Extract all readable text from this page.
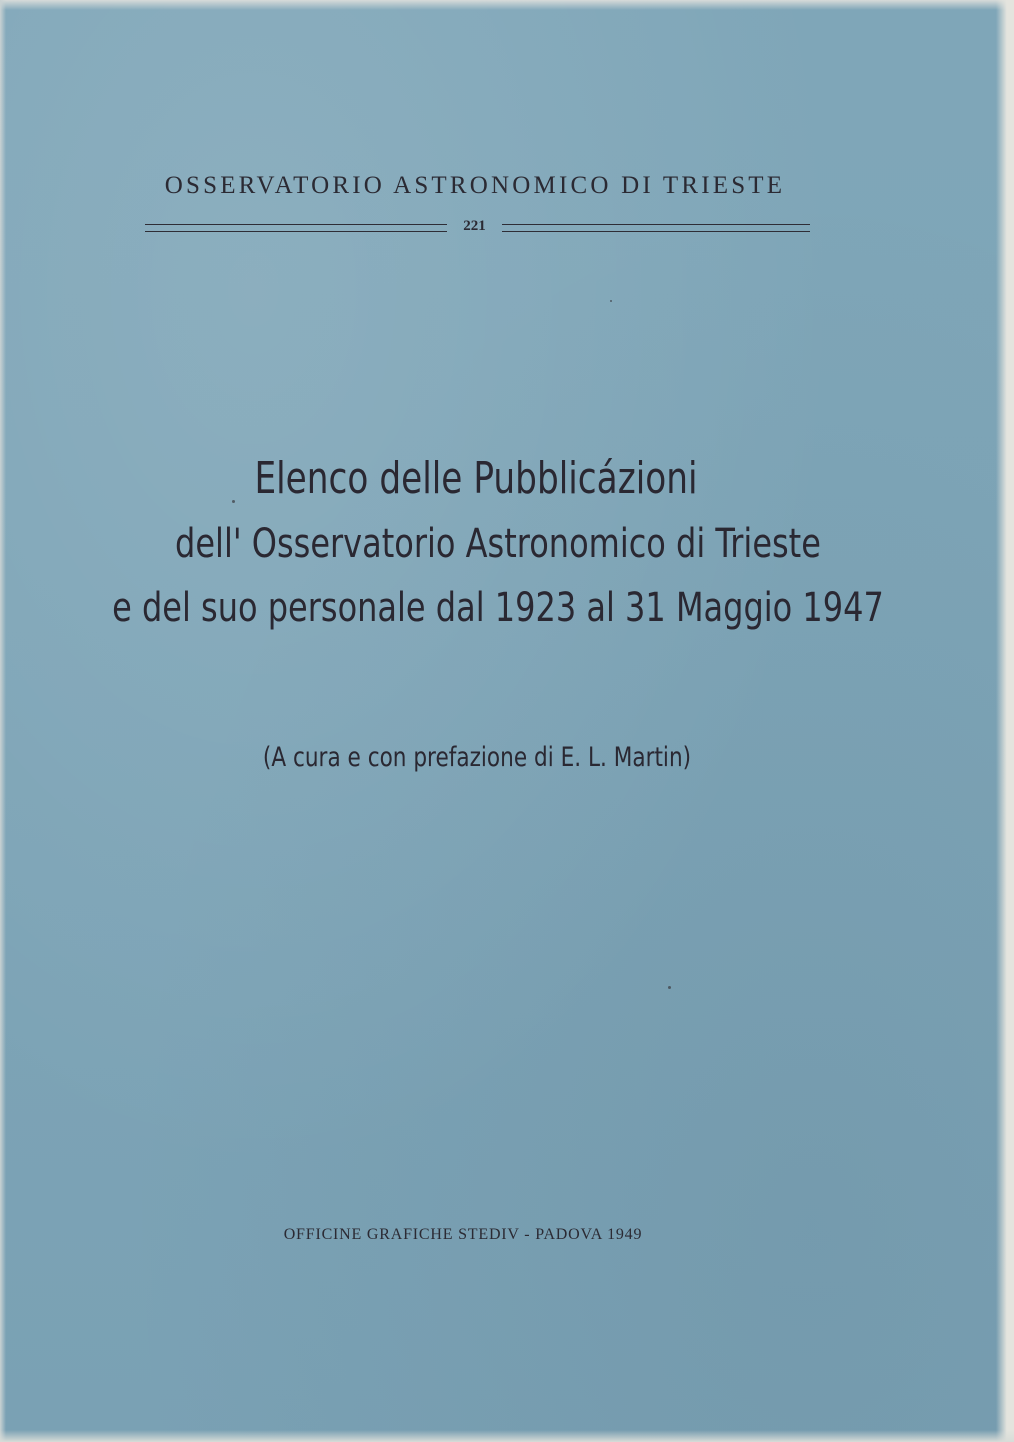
OSSERVATORIO ASTRONOMICO DI TRIESTE
221
Elenco delle Pubblicázioni
dell' Osservatorio Astronomico di Trieste
e del suo personale dal 1923 al 31 Maggio 1947
(A cura e con prefazione di E. L. Martin)
OFFICINE GRAFICHE STEDIV - PADOVA 1949
